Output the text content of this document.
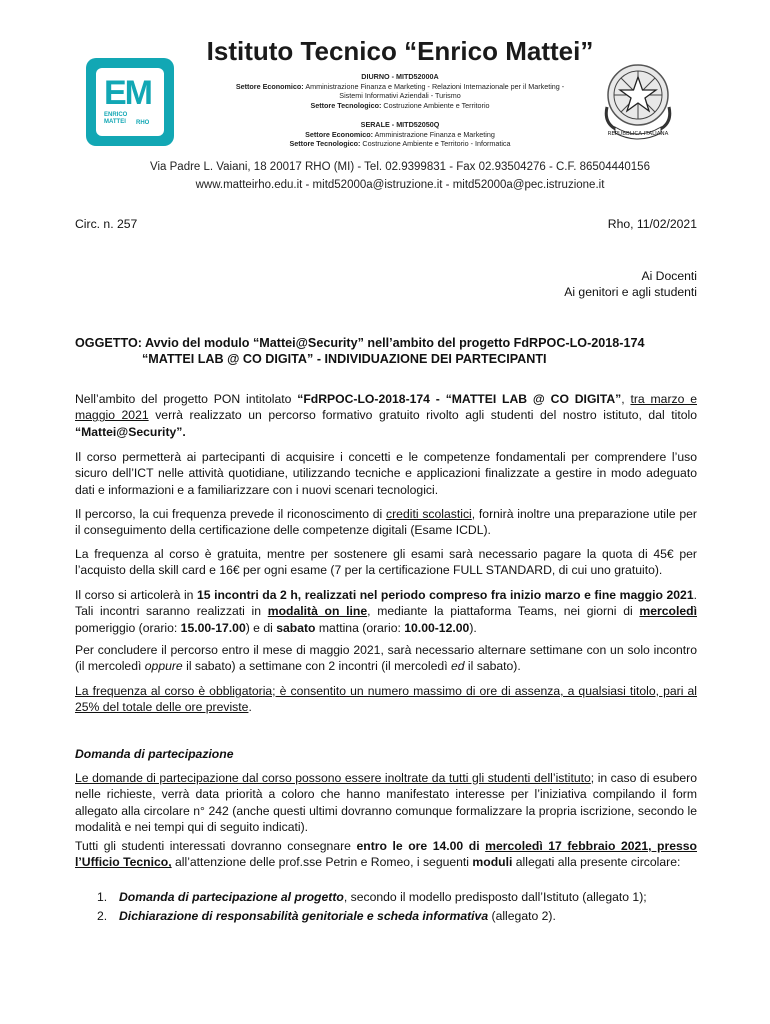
EM
ENRICO MATTEI	RHO
REPUBBLICA ITALIANA
Istituto Tecnico “Enrico Mattei”
DIURNO - MITD52000A
Settore Economico: Amministrazione Finanza e Marketing - Relazioni Internazionale per il Marketing -
Sistemi Informativi Aziendali - Turismo
Settore Tecnologico: Costruzione Ambiente e Territorio
SERALE - MITD52050Q
Settore Economico: Amministrazione Finanza e Marketing
Settore Tecnologico: Costruzione Ambiente e Territorio - Informatica
Via Padre L. Vaiani, 18 20017 RHO (MI) - Tel. 02.9399831 - Fax 02.93504276 - C.F. 86504440156
www.matteirho.edu.it - mitd52000a@istruzione.it - mitd52000a@pec.istruzione.it
Circ. n. 257	Rho, 11/02/2021
Ai Docenti
Ai genitori e agli studenti
OGGETTO: Avvio del modulo “Mattei@Security” nell’ambito del progetto FdRPOC-LO-2018-174
“MATTEI LAB @ CO DIGITA” - INDIVIDUAZIONE DEI PARTECIPANTI
Nell’ambito del progetto PON intitolato “FdRPOC-LO-2018-174 - “MATTEI LAB @ CO DIGITA”, tra marzo e maggio 2021 verrà realizzato un percorso formativo gratuito rivolto agli studenti del nostro istituto, dal titolo “Mattei@Security”.
Il corso permetterà ai partecipanti di acquisire i concetti e le competenze fondamentali per comprendere l’uso sicuro dell’ICT nelle attività quotidiane, utilizzando tecniche e applicazioni finalizzate a gestire in modo adeguato dati e informazioni e a familiarizzare con i nuovi scenari tecnologici.
Il percorso, la cui frequenza prevede il riconoscimento di crediti scolastici, fornirà inoltre una preparazione utile per il conseguimento della certificazione delle competenze digitali (Esame ICDL).
La frequenza al corso è gratuita, mentre per sostenere gli esami sarà necessario pagare la quota di 45€ per l’acquisto della skill card e 16€ per ogni esame (7 per la certificazione FULL STANDARD, di cui uno gratuito).
Il corso si articolerà in 15 incontri da 2 h, realizzati nel periodo compreso fra inizio marzo e fine maggio 2021. Tali incontri saranno realizzati in modalità on line, mediante la piattaforma Teams, nei giorni di mercoledì pomeriggio (orario: 15.00-17.00) e di sabato mattina (orario: 10.00-12.00).
Per concludere il percorso entro il mese di maggio 2021, sarà necessario alternare settimane con un solo incontro (il mercoledì oppure il sabato) a settimane con 2 incontri (il mercoledì ed il sabato).
La frequenza al corso è obbligatoria; è consentito un numero massimo di ore di assenza, a qualsiasi titolo, pari al 25% del totale delle ore previste.
Domanda di partecipazione
Le domande di partecipazione dal corso possono essere inoltrate da tutti gli studenti dell’istituto; in caso di esubero nelle richieste, verrà data priorità a coloro che hanno manifestato interesse per l’iniziativa compilando il form allegato alla circolare n° 242 (anche questi ultimi dovranno comunque formalizzare la propria iscrizione, secondo le modalità e nei tempi qui di seguito indicati).
Tutti gli studenti interessati dovranno consegnare entro le ore 14.00 di mercoledì 17 febbraio 2021, presso l’Ufficio Tecnico, all’attenzione delle prof.sse Petrin e Romeo, i seguenti moduli allegati alla presente circolare:
1. Domanda di partecipazione al progetto, secondo il modello predisposto dall’Istituto (allegato 1);
2. Dichiarazione di responsabilità genitoriale e scheda informativa (allegato 2).
